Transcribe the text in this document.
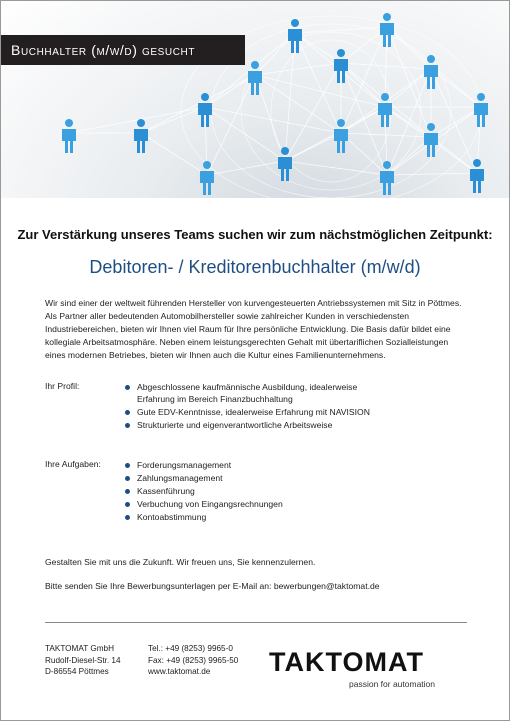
Buchhalter (m/w/d) gesucht
Zur Verstärkung unseres Teams suchen wir zum nächstmöglichen Zeitpunkt:
Debitoren- / Kreditorenbuchhalter (m/w/d)
Wir sind einer der weltweit führenden Hersteller von kurvengesteuerten Antriebssystemen mit Sitz in Pöttmes. Als Partner aller bedeutenden Automobilhersteller sowie zahlreicher Kunden in verschiedensten Industriebereichen, bieten wir Ihnen viel Raum für Ihre persönliche Entwicklung. Die Basis dafür bildet eine kollegiale Arbeitsatmosphäre. Neben einem leistungsgerechten Gehalt mit übertariflichen Sozialleistungen eines modernen Betriebes, bieten wir Ihnen auch die Kultur eines Familienunternehmens.
Ihr Profil:	Abgeschlossene kaufmännische Ausbildung, idealerweise Erfahrung im Bereich Finanzbuchhaltung
Gute EDV-Kenntnisse, idealerweise Erfahrung mit NAVISION
Strukturierte und eigenverantwortliche Arbeitsweise
Ihre Aufgaben:	Forderungsmanagement
Zahlungsmanagement
Kassenführung
Verbuchung von Eingangsrechnungen
Kontoabstimmung
Gestalten Sie mit uns die Zukunft. Wir freuen uns, Sie kennenzulernen.
Bitte senden Sie Ihre Bewerbungsunterlagen per E-Mail an: bewerbungen@taktomat.de
TAKTOMAT GmbH
Rudolf-Diesel-Str. 14
D-86554 Pöttmes
Tel.: +49 (8253) 9965-0
Fax: +49 (8253) 9965-50
www.taktomat.de	TAKTOMAT
passion for automation
